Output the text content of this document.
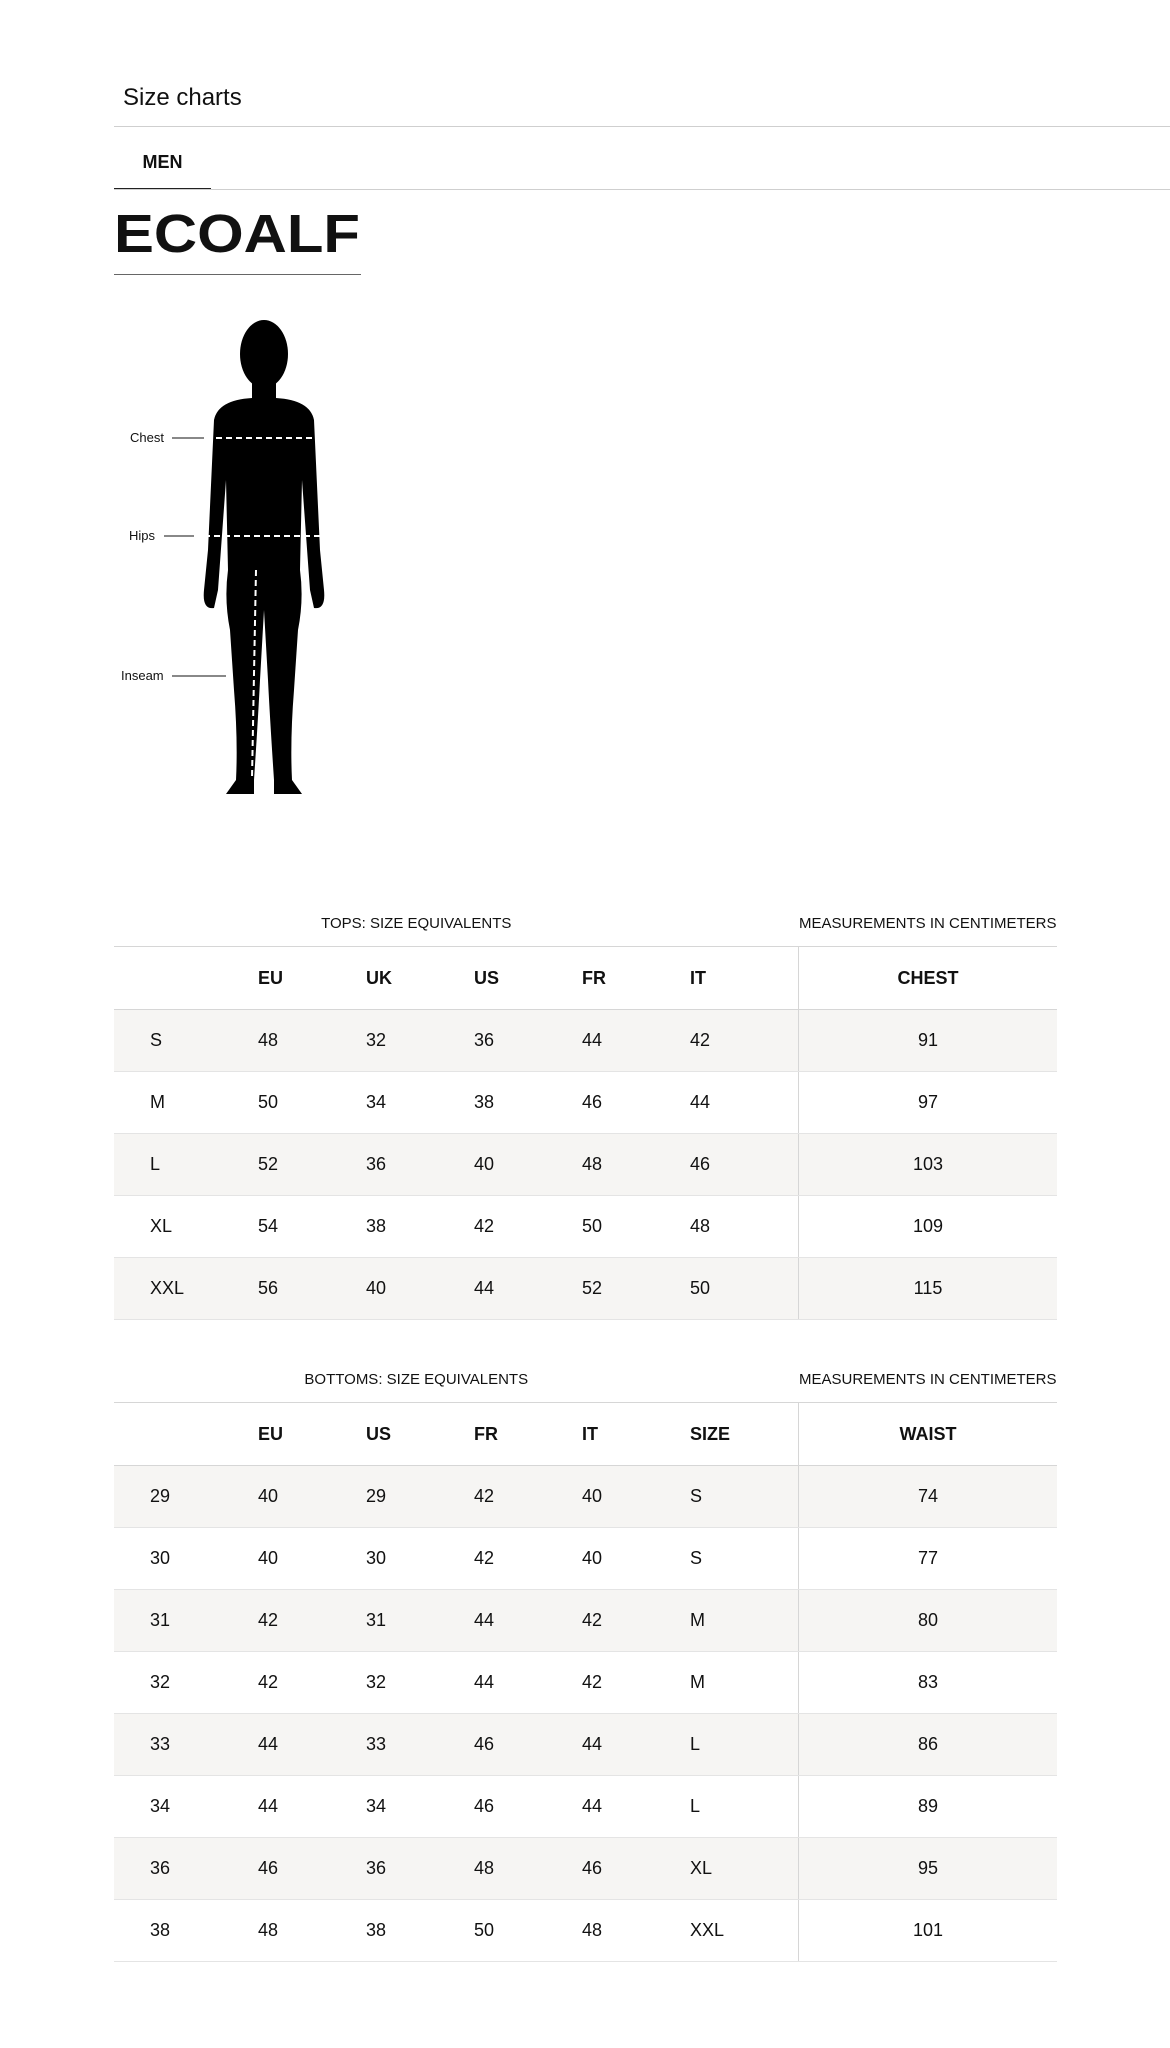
Size charts
MEN
ECOALF
Chest
Hips
Inseam
TOPS: SIZE EQUIVALENTS						MEASUREMENTS IN CENTIMETERS
	EU	UK	US	FR	IT	CHEST
S	48	32	36	44	42	91
M	50	34	38	46	44	97
L	52	36	40	48	46	103
XL	54	38	42	50	48	109
XXL	56	40	44	52	50	115
BOTTOMS: SIZE EQUIVALENTS						MEASUREMENTS IN CENTIMETERS
	EU	US	FR	IT	SIZE	WAIST
29	40	29	42	40	S	74
30	40	30	42	40	S	77
31	42	31	44	42	M	80
32	42	32	44	42	M	83
33	44	33	46	44	L	86
34	44	34	46	44	L	89
36	46	36	48	46	XL	95
38	48	38	50	48	XXL	101
